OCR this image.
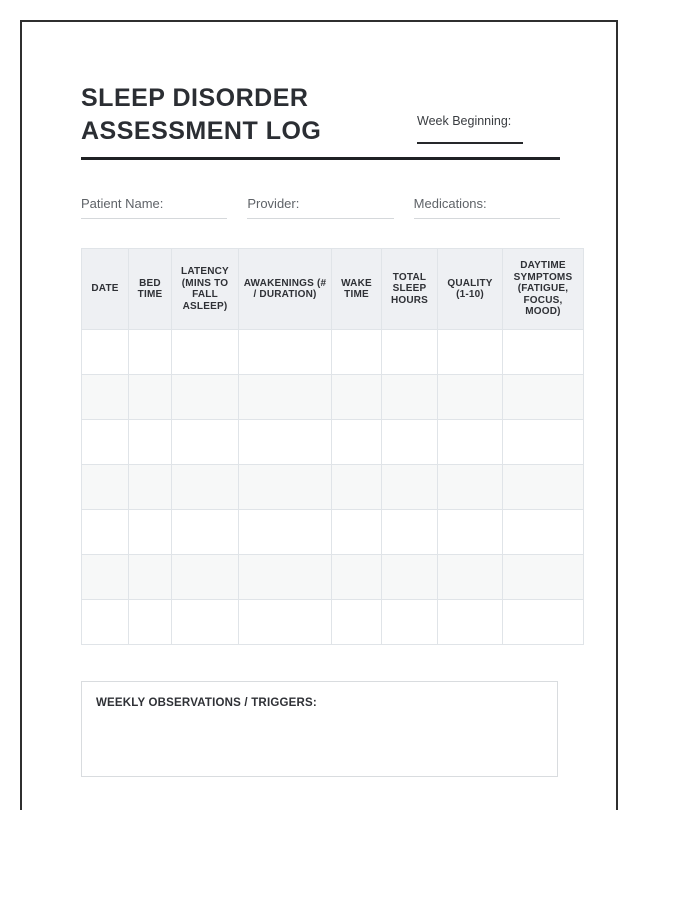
SLEEP DISORDER ASSESSMENT LOG	Week Beginning:
Patient Name:	Provider:	Medications:
DATE	BED TIME	LATENCY (MINS TO FALL ASLEEP)	AWAKENINGS (# / DURATION)	WAKE TIME	TOTAL SLEEP HOURS	QUALITY (1-10)	DAYTIME SYMPTOMS (FATIGUE, FOCUS, MOOD)

WEEKLY OBSERVATIONS / TRIGGERS:
